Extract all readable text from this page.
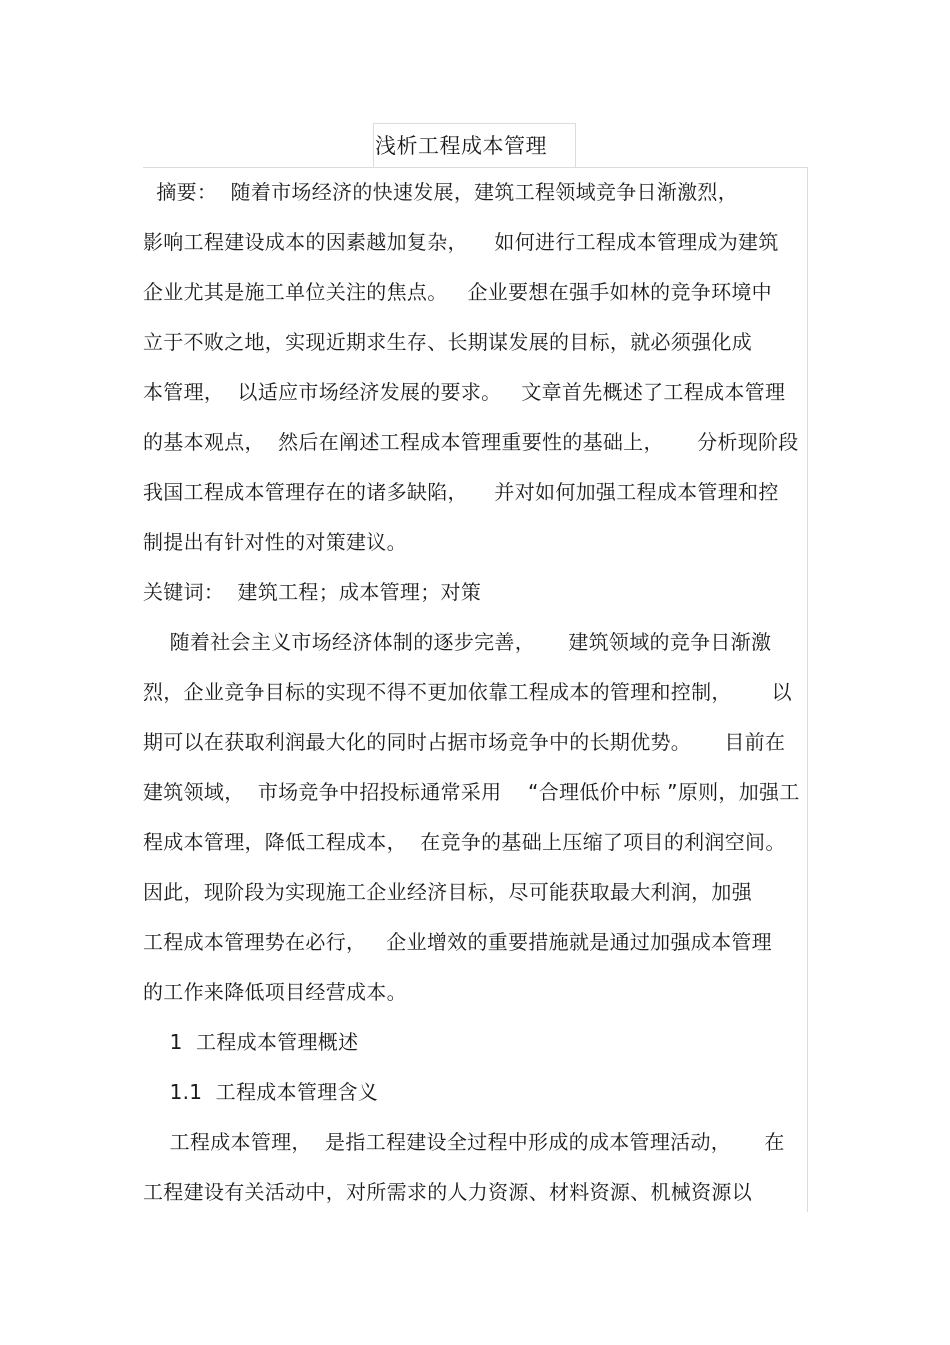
浅析工程成本管理
摘要：  随着市场经济的快速发展，建筑工程领域竞争日渐激烈，
影响工程建设成本的因素越加复杂，    如何进行工程成本管理成为建筑
企业尤其是施工单位关注的焦点。   企业要想在强手如林的竞争环境中
立于不败之地，实现近期求生存、长期谋发展的目标，就必须强化成
本管理，  以适应市场经济发展的要求。   文章首先概述了工程成本管理
的基本观点，  然后在阐述工程成本管理重要性的基础上，     分析现阶段
我国工程成本管理存在的诸多缺陷，    并对如何加强工程成本管理和控
制提出有针对性的对策建议。
关键词：  建筑工程；成本管理；对策
随着社会主义市场经济体制的逐步完善，     建筑领域的竞争日渐激
烈，企业竞争目标的实现不得不更加依靠工程成本的管理和控制，      以
期可以在获取利润最大化的同时占据市场竞争中的长期优势。     目前在
建筑领域，  市场竞争中招投标通常采用    “合理低价中标 ”原则，加强工
程成本管理，降低工程成本，  在竞争的基础上压缩了项目的利润空间。
因此，现阶段为实现施工企业经济目标，尽可能获取最大利润，加强
工程成本管理势在必行，   企业增效的重要措施就是通过加强成本管理
的工作来降低项目经营成本。
1  工程成本管理概述
1.1  工程成本管理含义
工程成本管理，  是指工程建设全过程中形成的成本管理活动，     在
工程建设有关活动中，对所需求的人力资源、材料资源、机械资源以
